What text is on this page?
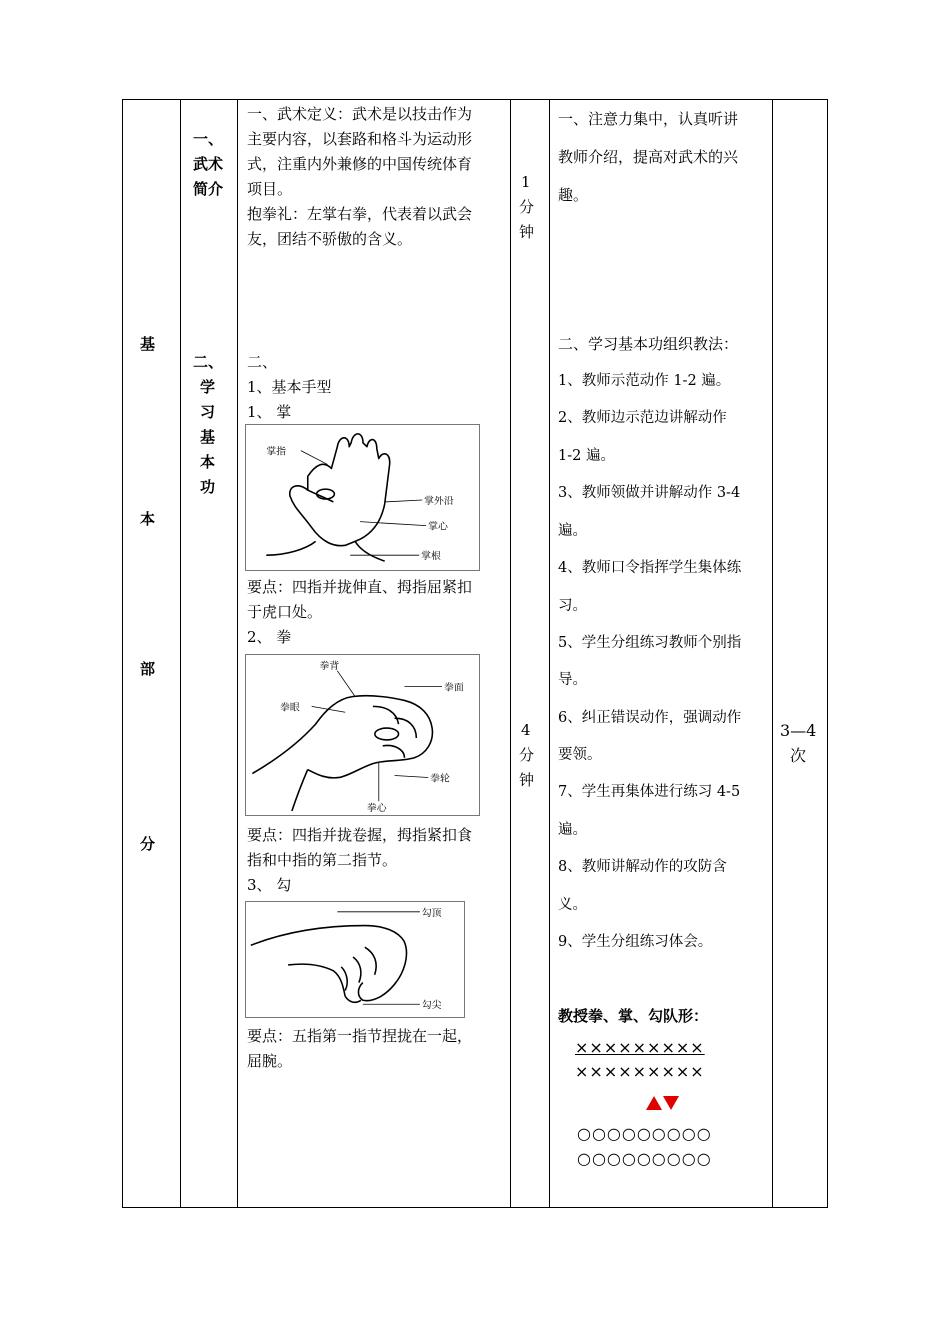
基
本
部
分
一、
武术
简介
二、
学
习
基
本
功
一、武术定义：武术是以技击作为
主要内容，以套路和格斗为运动形
式，注重内外兼修的中国传统体育
项目。
抱拳礼：左掌右拳，代表着以武会
友，团结不骄傲的含义。
二、
1、基本手型
1、 掌
掌指
掌外沿
掌心
掌根
要点：四指并拢伸直、拇指屈紧扣
于虎口处。
2、 拳
拳背
拳面
拳眼
拳轮
拳心
要点：四指并拢卷握，拇指紧扣食
指和中指的第二指节。
3、 勾
勾顶
勾尖
要点：五指第一指节捏拢在一起，
屈腕。
1
分
钟
4
分
钟
一、注意力集中，认真听讲
教师介绍，提高对武术的兴
趣。
二、学习基本功组织教法：
1、教师示范动作 1-2 遍。
2、教师边示范边讲解动作
1-2 遍。
3、教师领做并讲解动作 3-4
遍。
4、教师口令指挥学生集体练
习。
5、学生分组练习教师个别指
导。
6、纠正错误动作，强调动作
要领。
7、学生再集体进行练习 4-5
遍。
8、教师讲解动作的攻防含
义。
9、学生分组练习体会。
教授拳、掌、勾队形：
×××××××××
×××××××××
○○○○○○○○○
○○○○○○○○○
3—4
次
